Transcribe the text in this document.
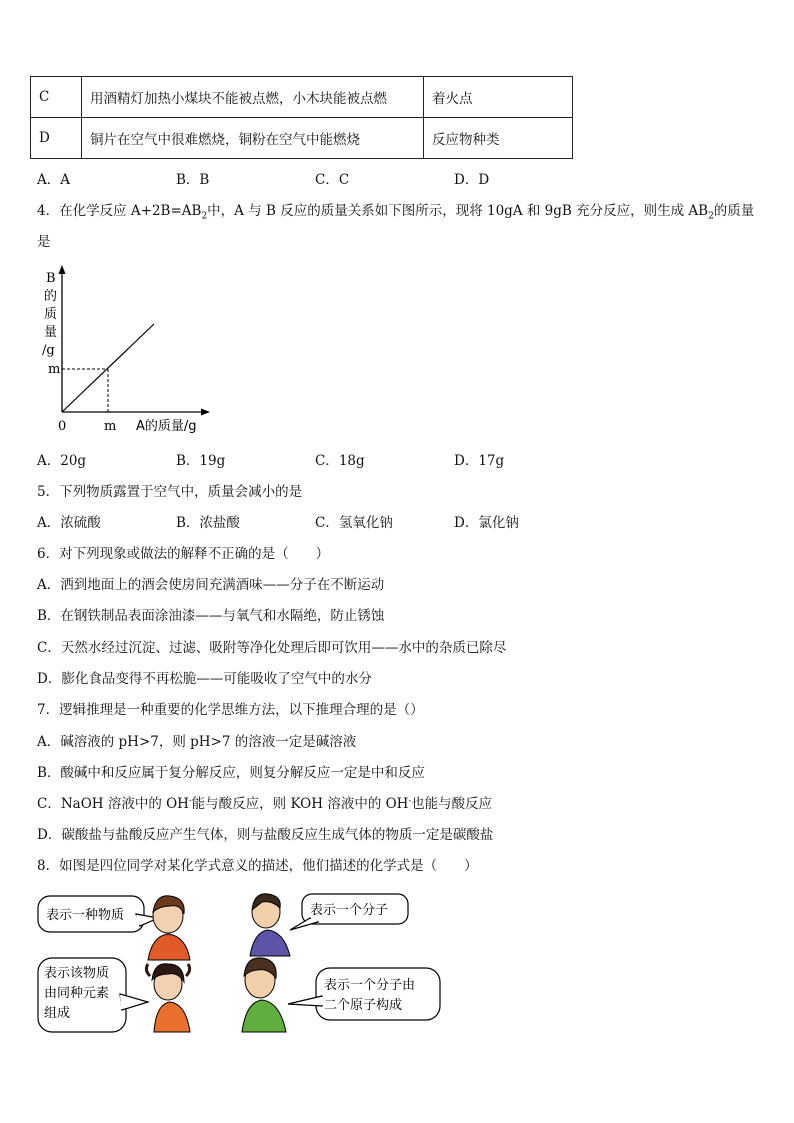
C	用酒精灯加热小煤块不能被点燃，小木块能被点燃	着火点
D	铜片在空气中很难燃烧，铜粉在空气中能燃烧	反应物种类
A．A	B．B	C．C	D．D
4．在化学反应 $A+2B=AB_2$中，A 与 B 反应的质量关系如下图所示，现将 10gA 和 9gB 充分反应，则生成 $AB_2$的质量
是
B
的
质
量
/g
m
0	m A的质量/g
A．20g	B．19g	C．18g	D．17g
5．下列物质露置于空气中，质量会减小的是
A．浓硫酸	B．浓盐酸	C．氢氧化钠	D．氯化钠
6．对下列现象或做法的解释不正确的是（　　）
A．洒到地面上的酒会使房间充满酒味——分子在不断运动
B．在钢铁制品表面涂油漆——与氧气和水隔绝，防止锈蚀
C．天然水经过沉淀、过滤、吸附等净化处理后即可饮用——水中的杂质已除尽
D．膨化食品变得不再松脆——可能吸收了空气中的水分
7．逻辑推理是一种重要的化学思维方法，以下推理合理的是（）
A．碱溶液的 pH>7，则 pH>7 的溶液一定是碱溶液
B．酸碱中和反应属于复分解反应，则复分解反应一定是中和反应
C．NaOH 溶液中的 OH-能与酸反应，则 KOH 溶液中的 OH-也能与酸反应
D．碳酸盐与盐酸反应产生气体，则与盐酸反应生成气体的物质一定是碳酸盐
8．如图是四位同学对某化学式意义的描述，他们描述的化学式是（　　）
表示一种物质	表示一个分子
表示该物质
由同种元素
组成
表示一个分子由
二个原子构成
